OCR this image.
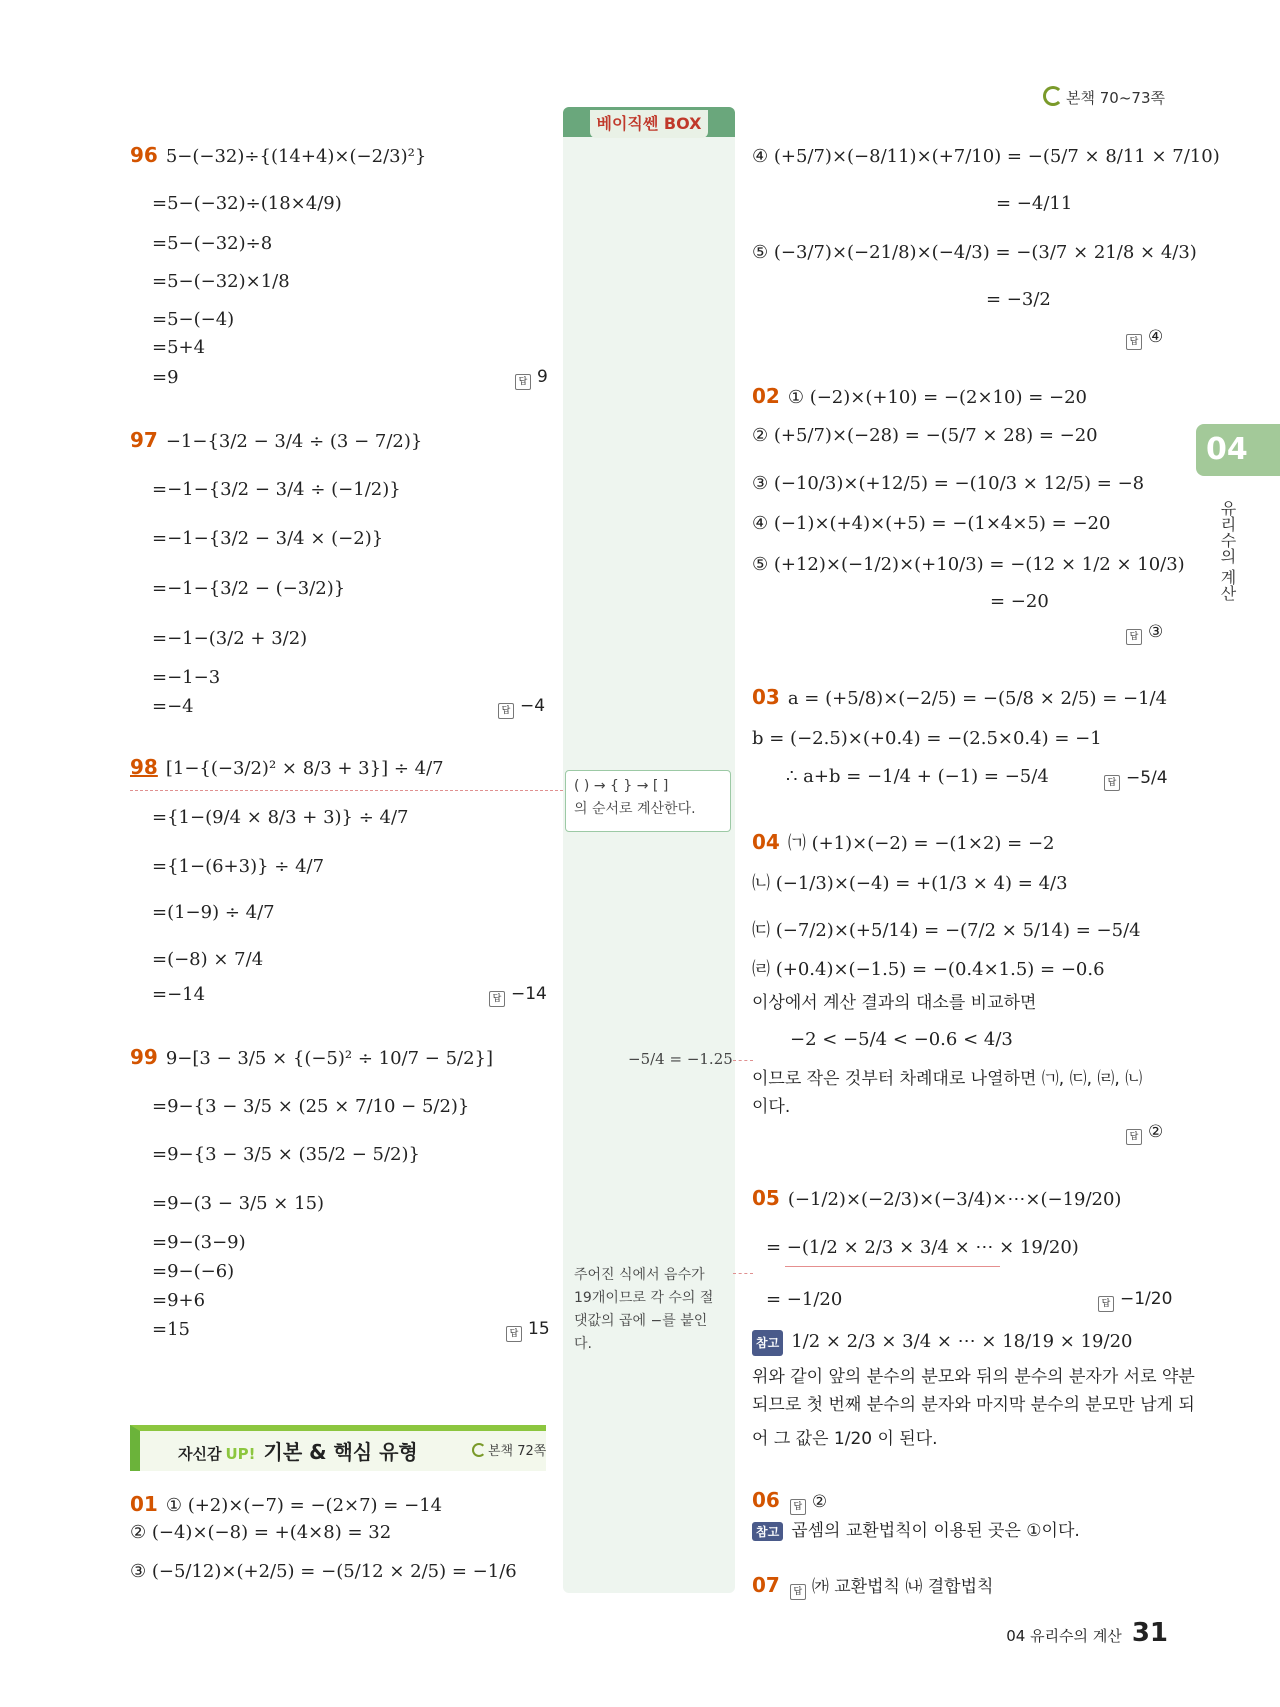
본책 70~73쪽
베이직쎈 BOX
( ) → { } → [ ]
의 순서로 계산한다.
−5/4 = −1.25
주어진 식에서 음수가
19개이므로 각 수의 절
댓값의 곱에 −를 붙인
다.
04
유리수의 계산
96 5−(−32)÷{(14+4)×(−2/3)²}
=5−(−32)÷(18×4/9)
=5−(−32)÷8
=5−(−32)×1/8
=5−(−4)
=5+4
=9	답 9
97 −1−{3/2 − 3/4 ÷ (3 − 7/2)}
=−1−{3/2 − 3/4 ÷ (−1/2)}
=−1−{3/2 − 3/4 × (−2)}
=−1−{3/2 − (−3/2)}
=−1−(3/2 + 3/2)
=−1−3
=−4	답 −4
98 [1−{(−3/2)² × 8/3 + 3}] ÷ 4/7
={1−(9/4 × 8/3 + 3)} ÷ 4/7
={1−(6+3)} ÷ 4/7
=(1−9) ÷ 4/7
=(−8) × 7/4
=−14	답 −14
99 9−[3 − 3/5 × {(−5)² ÷ 10/7 − 5/2}]
=9−{3 − 3/5 × (25 × 7/10 − 5/2)}
=9−{3 − 3/5 × (35/2 − 5/2)}
=9−(3 − 3/5 × 15)
=9−(3−9)
=9−(−6)
=9+6
=15	답 15
자신감 UP! 기본 & 핵심 유형	본책 72쪽
01 ① (+2)×(−7) = −(2×7) = −14
② (−4)×(−8) = +(4×8) = 32
③ (−5/12)×(+2/5) = −(5/12 × 2/5) = −1/6
④ (+5/7)×(−8/11)×(+7/10) = −(5/7 × 8/11 × 7/10)
= −4/11
⑤ (−3/7)×(−21/8)×(−4/3) = −(3/7 × 21/8 × 4/3)
= −3/2
답 ④
02 ① (−2)×(+10) = −(2×10) = −20
② (+5/7)×(−28) = −(5/7 × 28) = −20
③ (−10/3)×(+12/5) = −(10/3 × 12/5) = −8
④ (−1)×(+4)×(+5) = −(1×4×5) = −20
⑤ (+12)×(−1/2)×(+10/3) = −(12 × 1/2 × 10/3)
= −20
답 ③
03 a = (+5/8)×(−2/5) = −(5/8 × 2/5) = −1/4
b = (−2.5)×(+0.4) = −(2.5×0.4) = −1
∴ a+b = −1/4 + (−1) = −5/4	답 −5/4
04 ㈀ (+1)×(−2) = −(1×2) = −2
㈁ (−1/3)×(−4) = +(1/3 × 4) = 4/3
㈂ (−7/2)×(+5/14) = −(7/2 × 5/14) = −5/4
㈃ (+0.4)×(−1.5) = −(0.4×1.5) = −0.6
이상에서 계산 결과의 대소를 비교하면
−2 < −5/4 < −0.6 < 4/3
이므로 작은 것부터 차례대로 나열하면 ㈀, ㈂, ㈃, ㈁
이다.
답 ②
05 (−1/2)×(−2/3)×(−3/4)×⋯×(−19/20)
= −(1/2 × 2/3 × 3/4 × ⋯ × 19/20)
= −1/20	답 −1/20
참고 1/2 × 2/3 × 3/4 × ⋯ × 18/19 × 19/20
위와 같이 앞의 분수의 분모와 뒤의 분수의 분자가 서로 약분
되므로 첫 번째 분수의 분자와 마지막 분수의 분모만 남게 되
어 그 값은 1/20 이 된다.
06 답 ②
참고 곱셈의 교환법칙이 이용된 곳은 ①이다.
07 답 ㈎ 교환법칙 ㈏ 결합법칙
04 유리수의 계산 31
